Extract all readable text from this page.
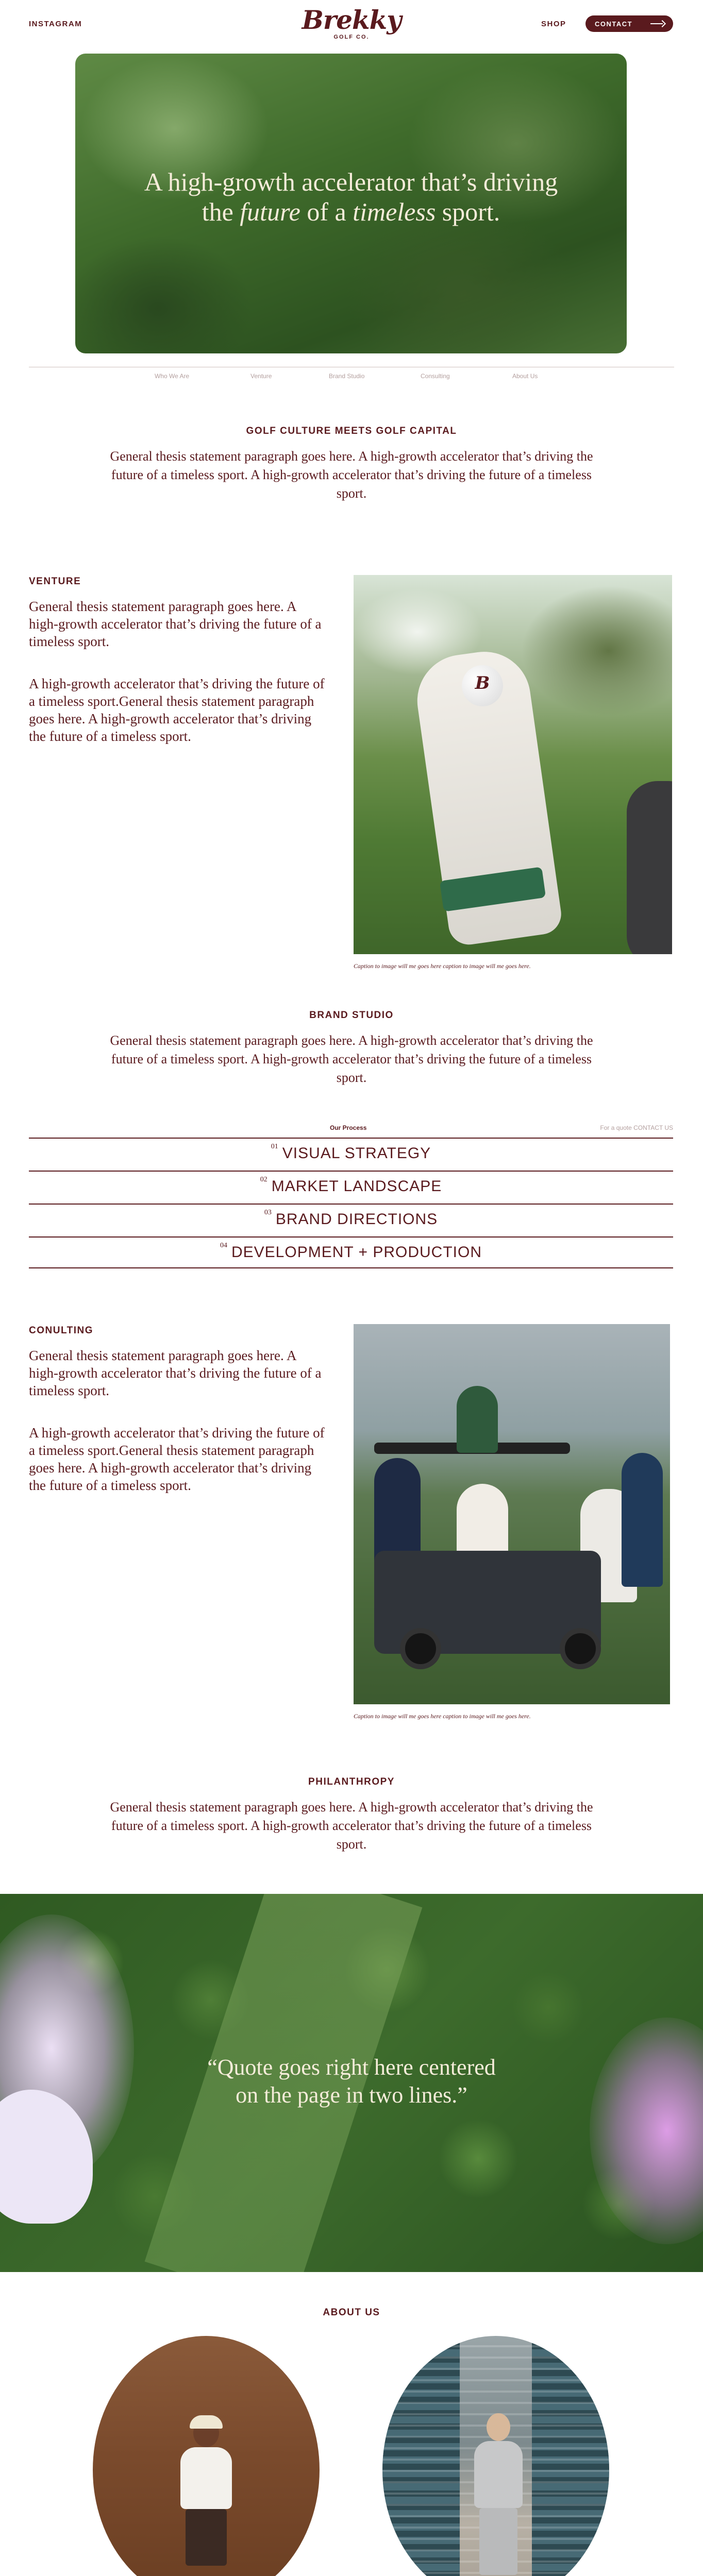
INSTAGRAM	Brekky
GOLF CO.
SHOP	CONTACT
A high-growth accelerator that’s driving
the future of a timeless sport.
Who We Are	Venture	Brand Studio	Consulting	About Us
GOLF CULTURE MEETS GOLF CAPITAL
General thesis statement paragraph goes here. A high-growth accelerator that’s driving the future of a timeless sport. A high-growth accelerator that’s driving the future of a timeless sport.
VENTURE
General thesis statement paragraph goes here. A high-growth accelerator that’s driving the future of a timeless sport.
A high-growth accelerator that’s driving the future of a timeless sport.General thesis statement paragraph goes here. A high-growth accelerator that’s driving the future of a timeless sport.
B
Caption to image will me goes here caption to image will me goes here.
BRAND STUDIO
General thesis statement paragraph goes here. A high-growth accelerator that’s driving the future of a timeless sport. A high-growth accelerator that’s driving the future of a timeless sport.
Our Process	For a quote CONTACT US
01 VISUAL STRATEGY
02 MARKET LANDSCAPE
03 BRAND DIRECTIONS
04 DEVELOPMENT + PRODUCTION
CONULTING
General thesis statement paragraph goes here. A high-growth accelerator that’s driving the future of a timeless sport.
A high-growth accelerator that’s driving the future of a timeless sport.General thesis statement paragraph goes here. A high-growth accelerator that’s driving the future of a timeless sport.
Caption to image will me goes here caption to image will me goes here.
PHILANTHROPY
General thesis statement paragraph goes here. A high-growth accelerator that’s driving the future of a timeless sport. A high-growth accelerator that’s driving the future of a timeless sport.
“Quote goes right here centered
on the page in two lines.”
ABOUT US
